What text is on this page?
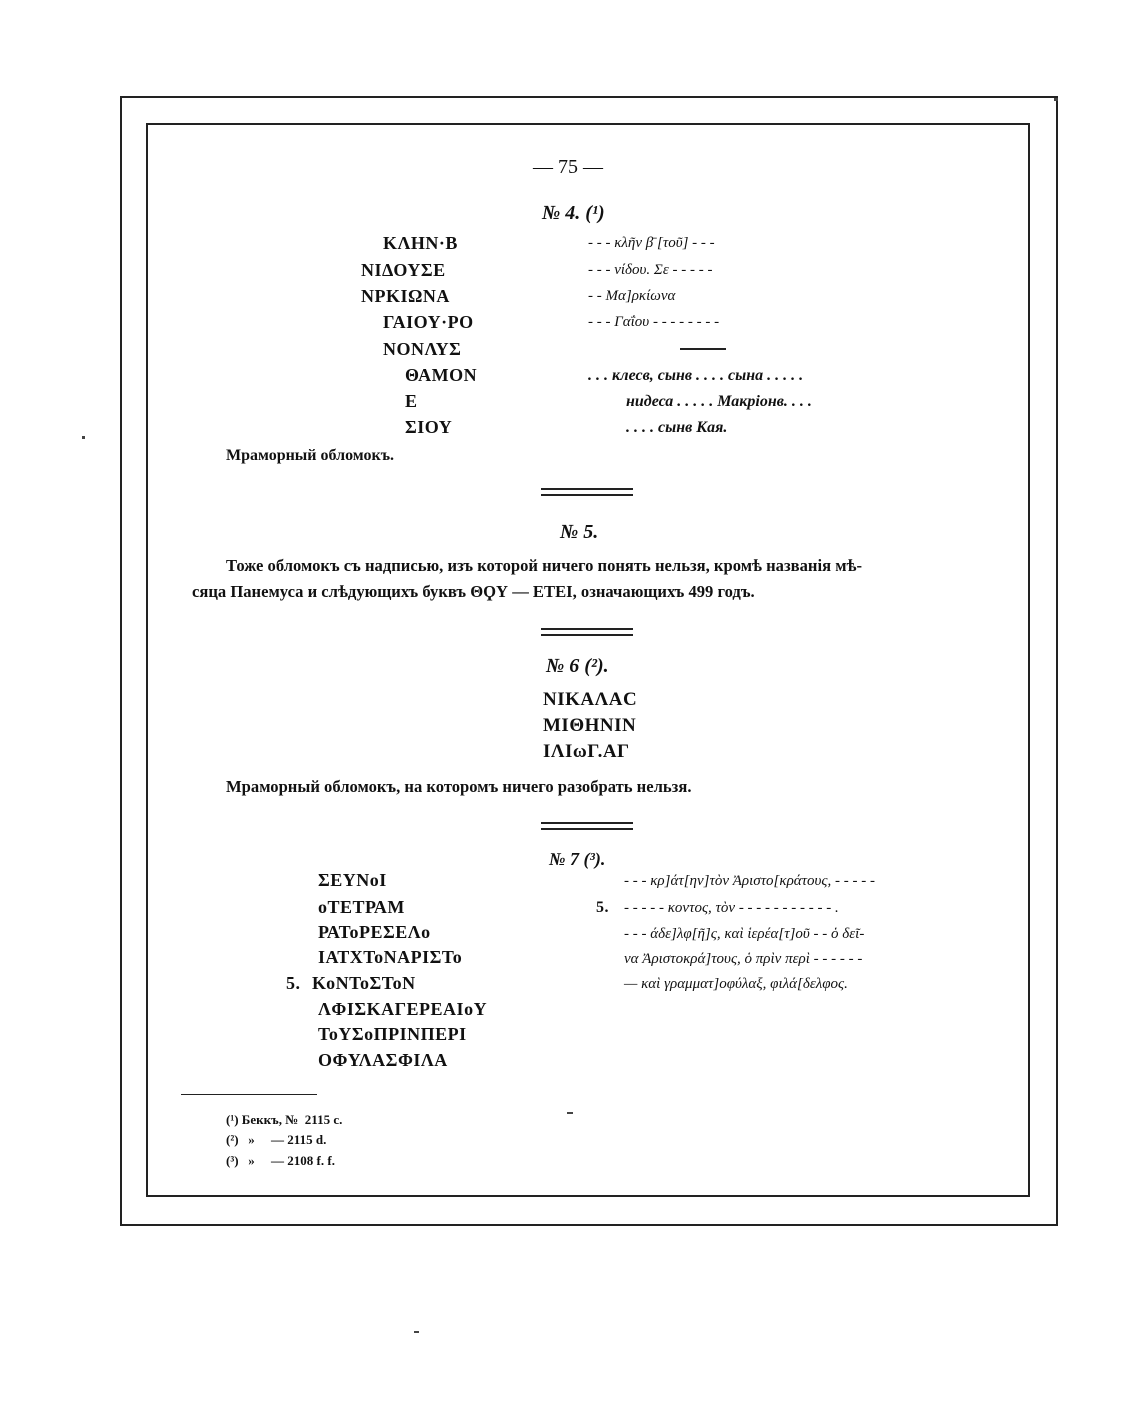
— 75 —
№ 4. (¹)
ΚΛΗΝ·Β
ΝΙΔΟΥΣΕ
ΝΡΚΙΩΝΑ
ΓΑΙΟΥ·ΡΟ
ΝΟΝΛΥΣ
ΘΑΜΟΝ
Ε
ΣΙΟΥ
- - - κλῆν β̄ [τοῦ] - - -
- - - νίδου. Σε - - - - -
- - Μα]ρκίωνα
- - - Γαΐου - - - - - - - -
. . . клесв, сынв . . . . сына . . . . .
нидеса . . . . . Макріонв. . . .
. . . . сынв Кая.
Мраморный обломокъ.
№ 5.
Тоже обломокъ съ надписью, изъ которой ничего понять нельзя, кромѣ названія мѣ-
сяца Панемуса и слѣдующихъ буквъ ΘϘΥ — ΕΤΕΙ, означающихъ 499 годъ.
№ 6 (²).
ΝΙΚΑΛΑC
ΜΙΘΗΝΙΝ
ΙΛΙωΓ.ΑΓ
Мраморный обломокъ, на которомъ ничего разобрать нельзя.
№ 7 (³).
ΣΕΥΝοΙ
οΤΕΤΡΑΜ
ΡΑΤοΡΕΣΕΛο
ΙΑΤΧΤοΝΑΡΙΣΤο
5. ΚοΝΤοΣΤοΝ
ΛΦΙΣΚΑΓΕΡΕΑΙοΥ
ΤοΥΣοΠΡΙΝΠΕΡΙ
ΟΦΥΛΑΣΦΙΛΑ
- - - κρ]άτ[ην]τὸν Ἀριστο[κράτους, - - - - -
5. - - - - - κοντος, τὸν - - - - - - - - - - - .
- - - άδε]λφ[ῆ]ς, καὶ ἱερέα[τ]οῦ - - ὁ δεῖ-
να Ἀριστοκρά]τους, ὁ πρὶν περὶ - - - - - -
— καὶ γραμματ]οφύλαξ, φιλά[δελφος.
(¹) Беккъ, №  2115 с.
(²)   »     — 2115 d.
(³)   »     — 2108 f. f.
